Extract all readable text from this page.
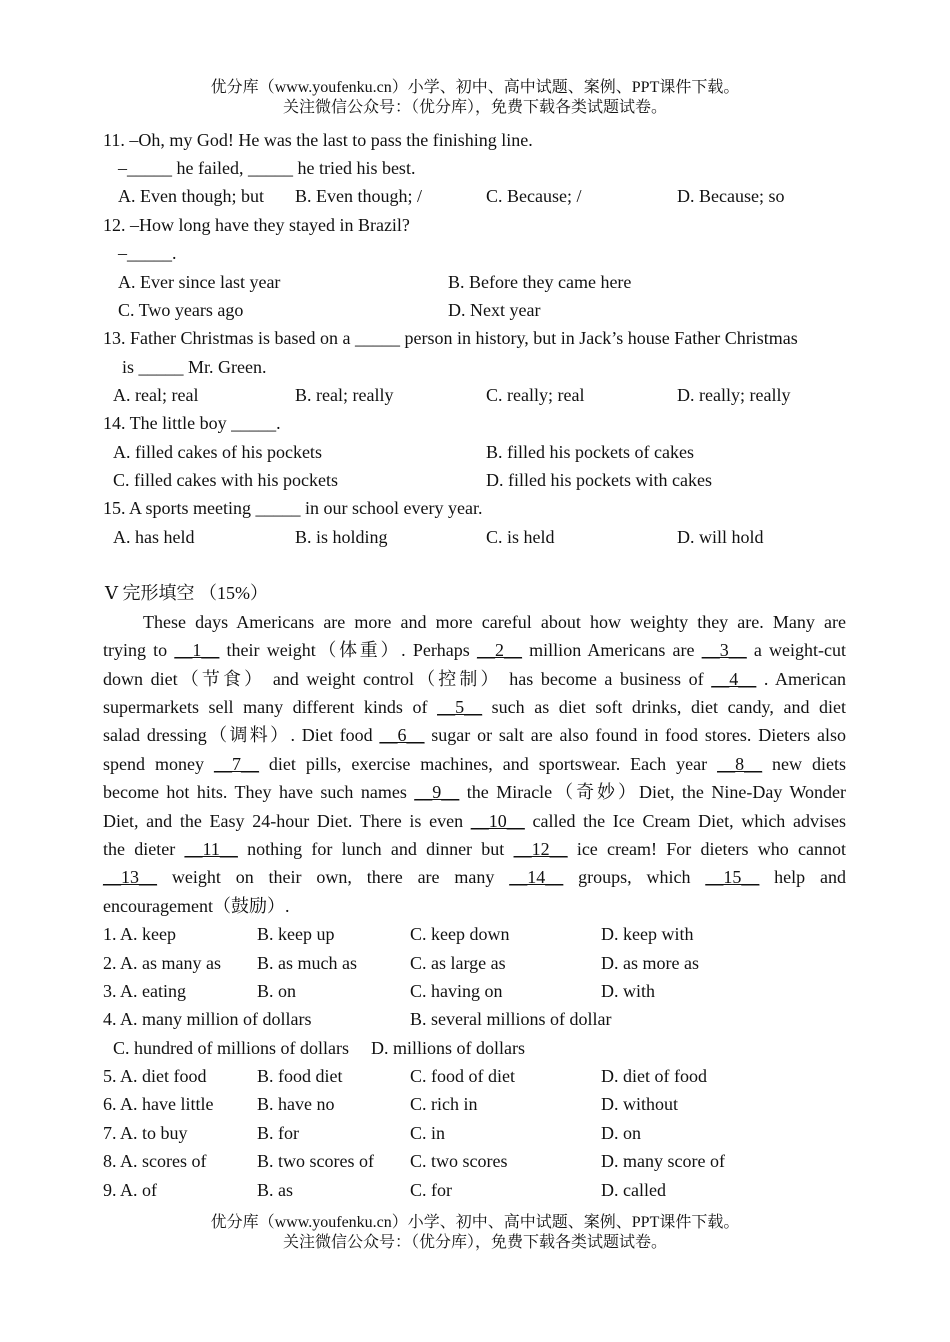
优分库（www.youfenku.cn）小学、初中、高中试题、案例、PPT课件下载。
关注微信公众号：（优分库），免费下载各类试题试卷。
11. –Oh, my God! He was the last to pass the finishing line.
–_____ he failed, _____ he tried his best.
A. Even though; but B. Even though; /	C. Because; /	D. Because; so
12. –How long have they stayed in Brazil?
–_____.
A. Ever since last year	B. Before they came here
C. Two years ago	D. Next year
13. Father Christmas is based on a _____ person in history, but in Jack’s house Father Christmas
is _____ Mr. Green.
A. real; real	B. real; really	C. really; real	D. really; really
14. The little boy _____.
A. filled cakes of his pockets	B. filled his pockets of cakes
C. filled cakes with his pockets	D. filled his pockets with cakes
15. A sports meeting _____ in our school every year.
A. has held	B. is holding	C. is held	D. will hold
Ⅴ 完形填空 （15%）
These days Americans are more and more careful about how weighty they are. Many are
trying to __1__ their weight（体重）. Perhaps __2__ million Americans are __3__ a weight-cut
down diet（节食） and weight control（控制） has become a business of __4__ . American
supermarkets sell many different kinds of __5__ such as diet soft drinks, diet candy, and diet
salad dressing（调料）. Diet food __6__ sugar or salt are also found in food stores. Dieters also
spend money __7__ diet pills, exercise machines, and sportswear. Each year __8__ new diets
become hot hits. They have such names __9__ the Miracle（奇妙）Diet, the Nine-Day Wonder
Diet, and the Easy 24-hour Diet. There is even __10__ called the Ice Cream Diet, which advises
the dieter __11__ nothing for lunch and dinner but __12__ ice cream! For dieters who cannot
__13__ weight on their own, there are many __14__ groups, which __15__ help and
encouragement（鼓励）.
1. A. keep	B. keep up	C. keep down	D. keep with
2. A. as many as B. as much as	C. as large as	D. as more as
3. A. eating	B. on	C. having on	D. with
4. A. many million of dollars	B. several millions of dollar
C. hundred of millions of dollars D. millions of dollars
5. A. diet food	B. food diet	C. food of diet	D. diet of food
6. A. have little B. have no	C. rich in	D. without
7. A. to buy	B. for	C. in	D. on
8. A. scores of	B. two scores of C. two scores	D. many score of
9. A. of	B. as	C. for	D. called
优分库（www.youfenku.cn）小学、初中、高中试题、案例、PPT课件下载。
关注微信公众号：（优分库），免费下载各类试题试卷。
